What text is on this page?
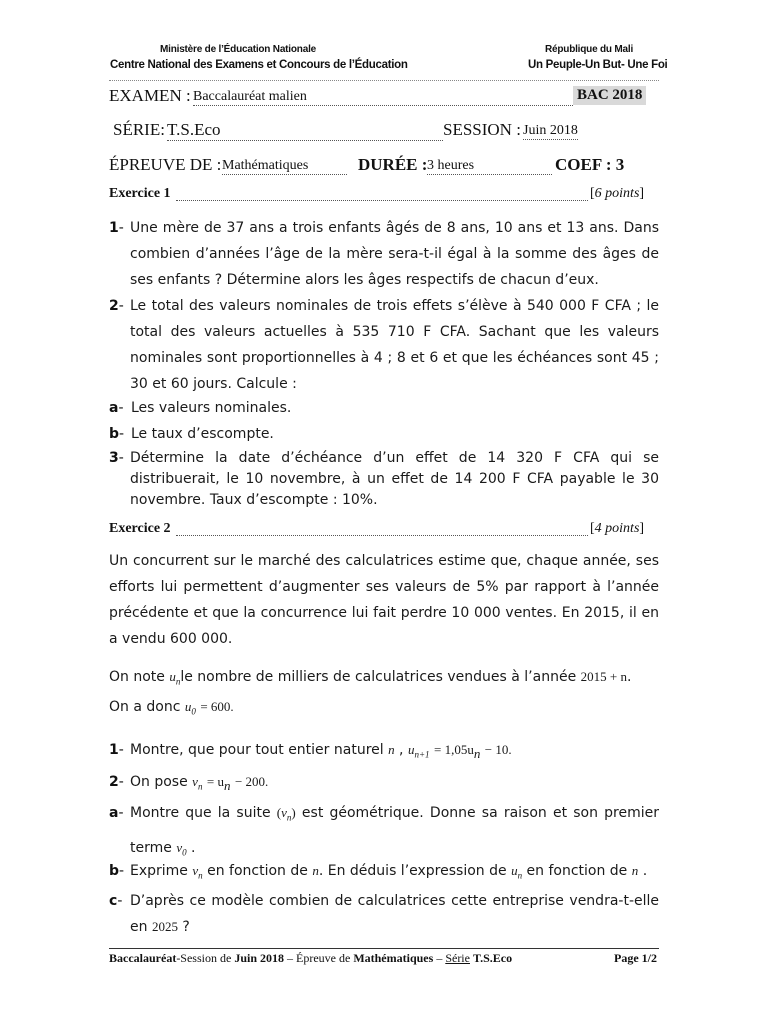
Ministère de l’Éducation Nationale
Centre National des Examens et Concours de l’Éducation
République du Mali
Un Peuple-Un But- Une Foi
EXAMEN : Baccalauréat malien	BAC 2018
SÉRIE: T.S.Eco	SESSION : Juin 2018
ÉPREUVE DE : Mathématiques	DURÉE : 3 heures	COEF : 3
Exercice 1	[6 points]
1- Une mère de 37 ans a trois enfants âgés de 8 ans, 10 ans et 13 ans. Dans combien d’années l’âge de la mère sera-t-il égal à la somme des âges de ses enfants ? Détermine alors les âges respectifs de chacun d’eux.
2- Le total des valeurs nominales de trois effets s’élève à 540 000 F CFA ; le total des valeurs actuelles à 535 710 F CFA. Sachant que les valeurs nominales sont proportionnelles à 4 ; 8 et 6 et que les échéances sont 45 ; 30 et 60 jours. Calcule :
a- Les valeurs nominales.
b- Le taux d’escompte.
3- Détermine la date d’échéance d’un effet de 14 320 F CFA qui se distribuerait, le 10 novembre, à un effet de 14 200 F CFA payable le 30 novembre. Taux d’escompte : 10%.
Exercice 2	[4 points]
Un concurrent sur le marché des calculatrices estime que, chaque année, ses efforts lui permettent d’augmenter ses valeurs de 5% par rapport à l’année précédente et que la concurrence lui fait perdre 10 000 ventes. En 2015, il en a vendu 600 000.
On note $u_nle$ nombre de milliers de calculatrices vendues à l’année 2015 + n.
On a donc $u_0 = 600$.
1- Montre, que pour tout entier naturel n , $u_{n+1} = 1,05u_n - 10$.
2- On pose $v_n = u_n - 200$.
a- Montre que la suite $(v_n)$ est géométrique. Donne sa raison et son premier terme $v_0$ .
b- Exprime $v_n$ en fonction de n. En déduis l’expression de $u_n$ en fonction de n .
c- D’après ce modèle combien de calculatrices cette entreprise vendra-t-elle en 2025 ?
Baccalauréat-Session de Juin 2018 – Épreuve de Mathématiques – Série T.S.Eco	Page 1/2
